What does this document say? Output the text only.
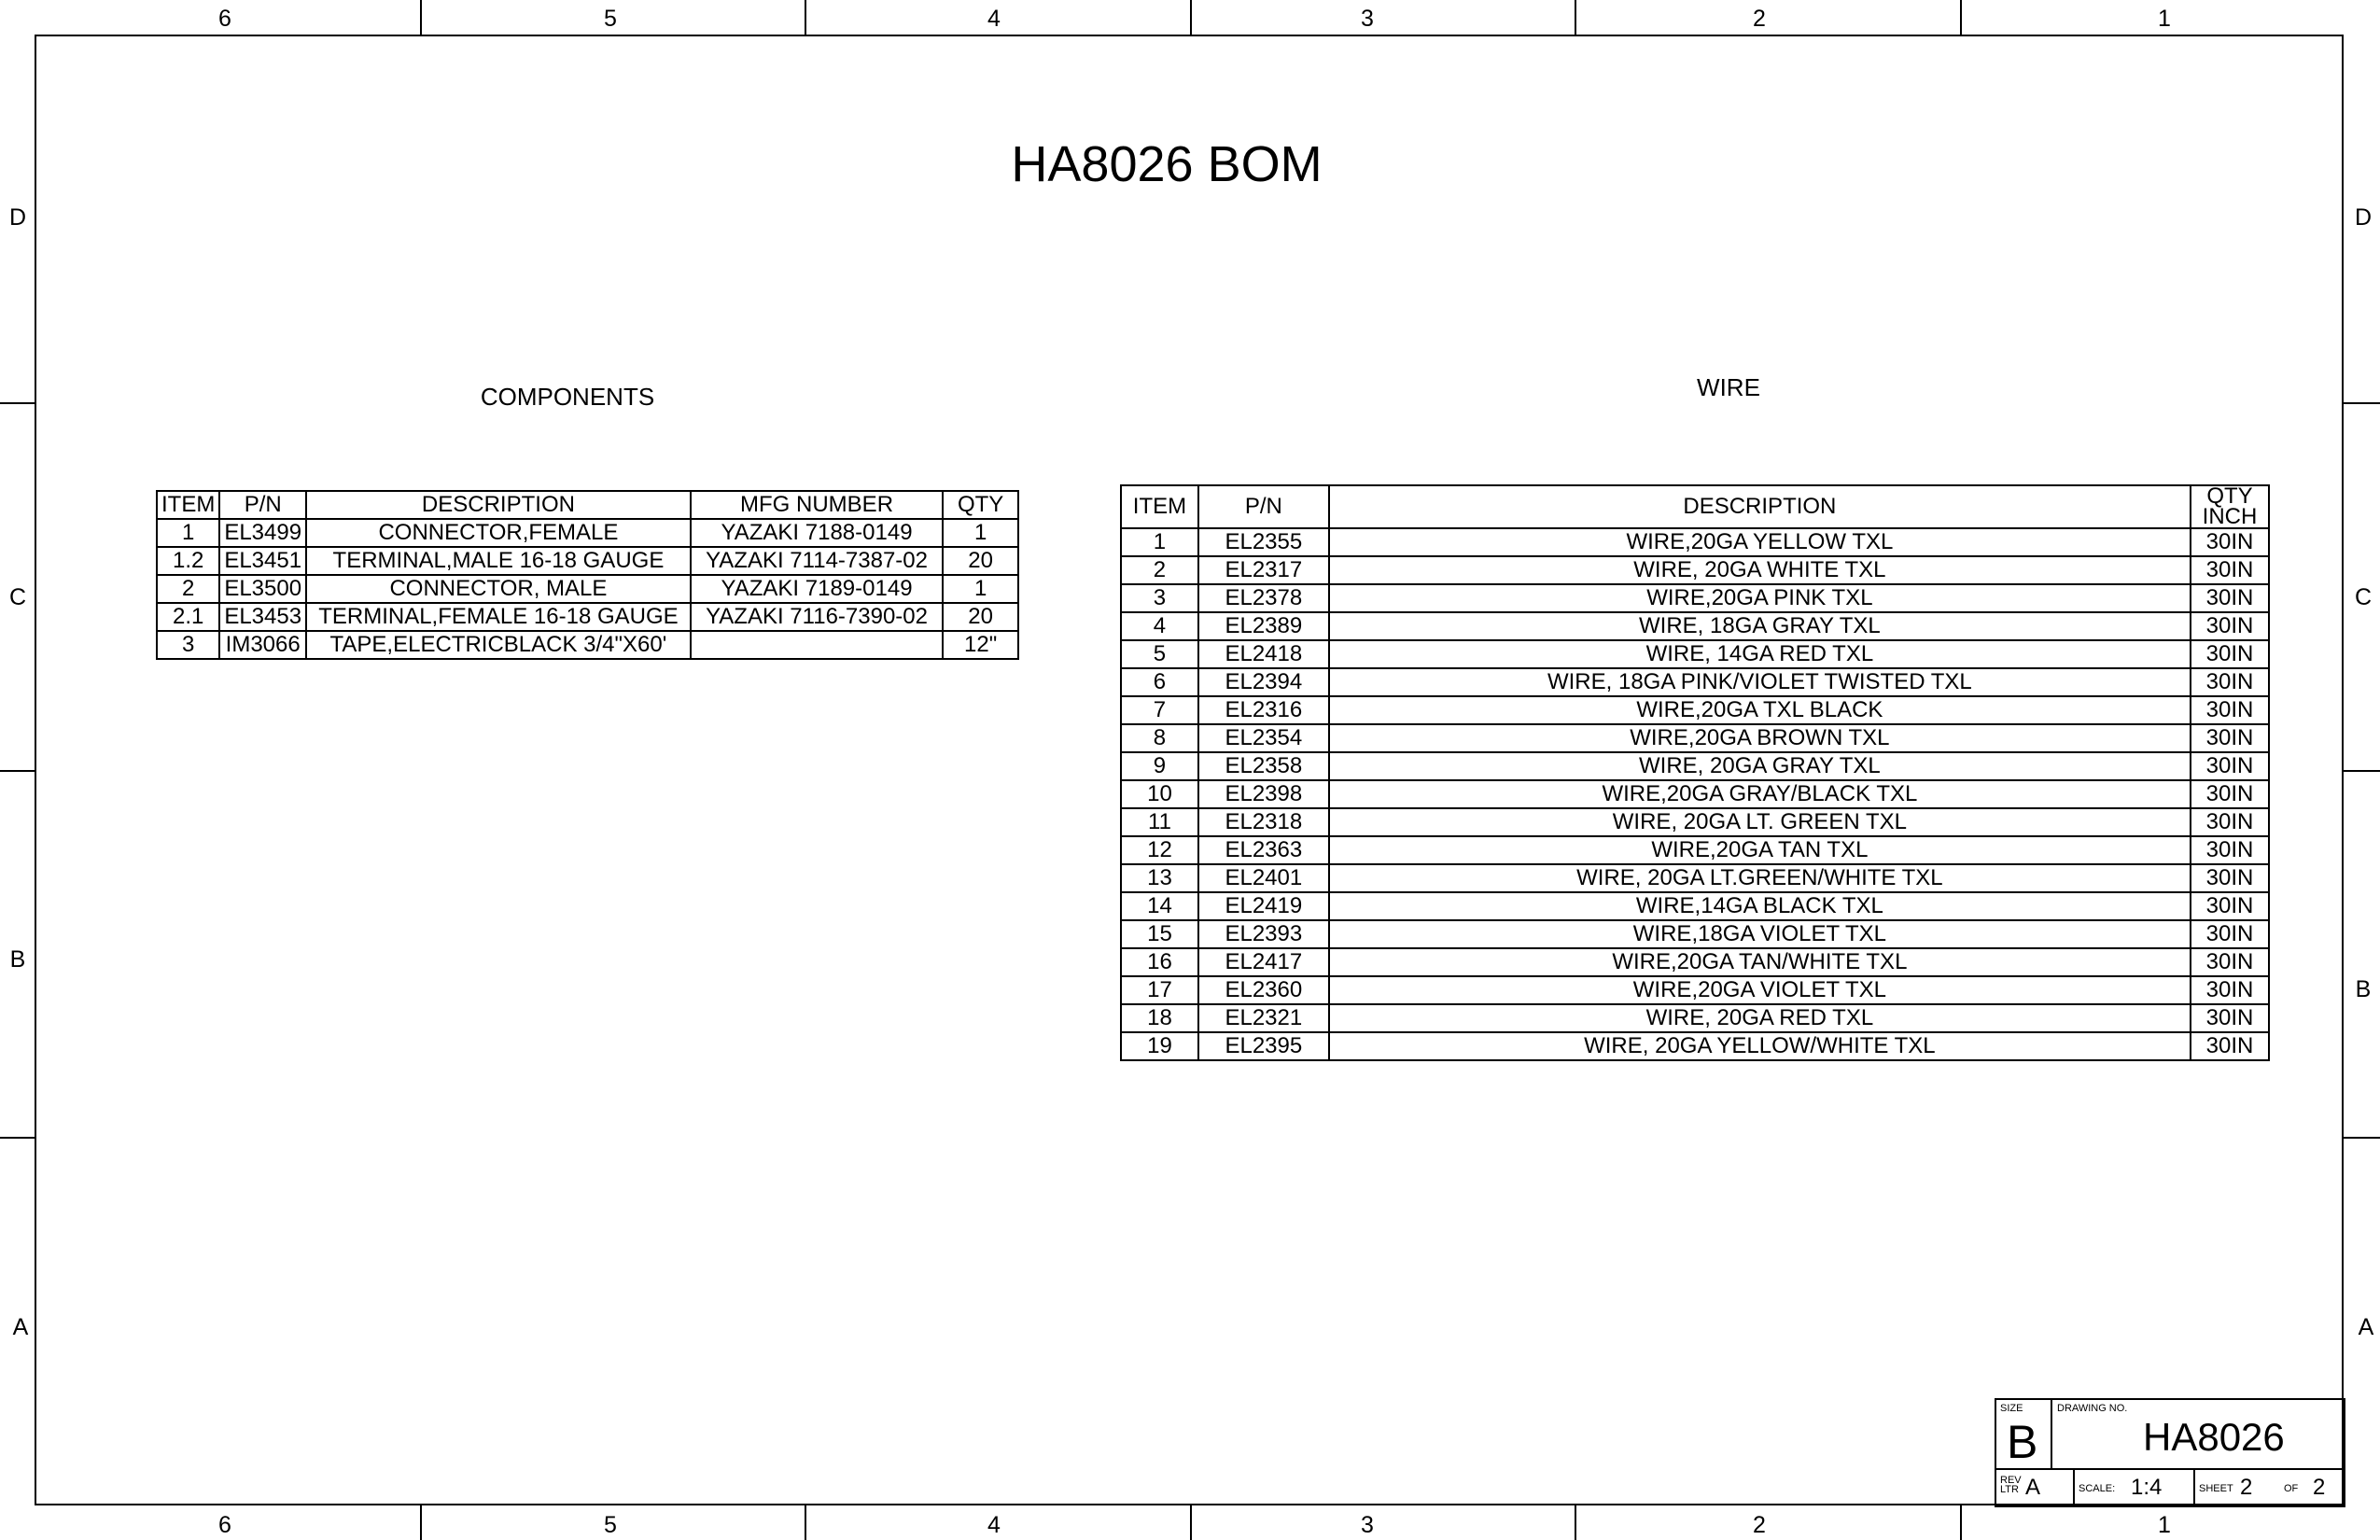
6	5	4	3	2	1
6	5	4	3	2	1
D
C
B
A
D
C
B
A
HA8026 BOM
COMPONENTS	WIRE
ITEM	P/N	DESCRIPTION	MFG NUMBER	QTY
1	EL3499	CONNECTOR,FEMALE	YAZAKI 7188-0149	1
1.2	EL3451	TERMINAL,MALE 16-18 GAUGE	YAZAKI 7114-7387-02	20
2	EL3500	CONNECTOR, MALE	YAZAKI 7189-0149	1
2.1	EL3453	TERMINAL,FEMALE 16-18 GAUGE	YAZAKI 7116-7390-02	20
3	IM3066	TAPE,ELECTRICBLACK 3/4"X60'		12"
ITEM	P/N	DESCRIPTION	QTY
INCH

1	EL2355	WIRE,20GA YELLOW TXL	30IN
2	EL2317	WIRE, 20GA WHITE TXL	30IN
3	EL2378	WIRE,20GA PINK TXL	30IN
4	EL2389	WIRE, 18GA GRAY TXL	30IN
5	EL2418	WIRE, 14GA RED TXL	30IN
6	EL2394	WIRE, 18GA PINK/VIOLET TWISTED TXL	30IN
7	EL2316	WIRE,20GA TXL BLACK	30IN
8	EL2354	WIRE,20GA BROWN TXL	30IN
9	EL2358	WIRE, 20GA GRAY TXL	30IN
10	EL2398	WIRE,20GA GRAY/BLACK TXL	30IN
11	EL2318	WIRE, 20GA LT. GREEN TXL	30IN
12	EL2363	WIRE,20GA TAN TXL	30IN
13	EL2401	WIRE, 20GA LT.GREEN/WHITE TXL	30IN
14	EL2419	WIRE,14GA BLACK TXL	30IN
15	EL2393	WIRE,18GA VIOLET TXL	30IN
16	EL2417	WIRE,20GA TAN/WHITE TXL	30IN
17	EL2360	WIRE,20GA VIOLET TXL	30IN
18	EL2321	WIRE, 20GA RED TXL	30IN
19	EL2395	WIRE, 20GA YELLOW/WHITE TXL	30IN
SIZE
B
DRAWING NO.
HA8026
REV
LTR A	SCALE: 1:4	SHEET 2	OF 2
